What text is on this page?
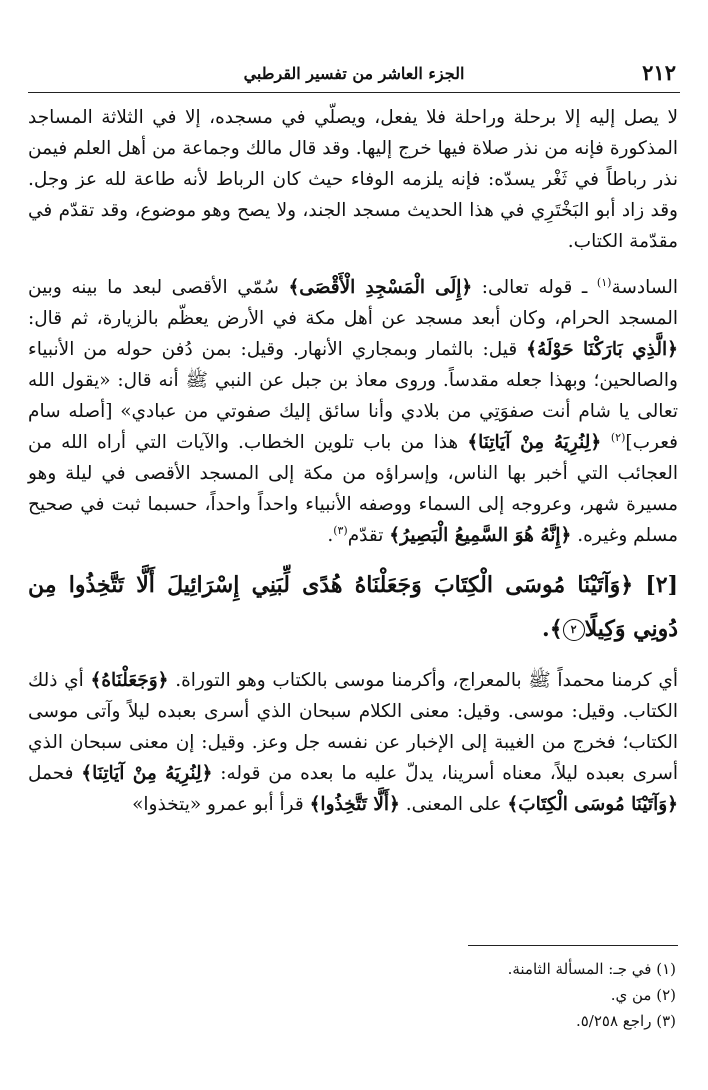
٢١٢
الجزء العاشر من تفسير القرطبي

لا يصل إليه إلا برحلة وراحلة فلا يفعل، ويصلّي في مسجده، إلا في الثلاثة المساجد المذكورة فإنه من نذر صلاة فيها خرج إليها. وقد قال مالك وجماعة من أهل العلم فيمن نذر رباطاً في ثَغْر يسدّه: فإنه يلزمه الوفاء حيث كان الرباط لأنه طاعة لله عز وجل. وقد زاد أبو البَخْتَرِي في هذا الحديث مسجد الجند، ولا يصح وهو موضوع، وقد تقدّم في مقدّمة الكتاب.

السادسة$^{(١)}$ ـ قوله تعالى: ﴿إِلَى الْمَسْجِدِ الْأَقْصَى﴾ سُمّي الأقصى لبعد ما بينه وبين المسجد الحرام، وكان أبعد مسجد عن أهل مكة في الأرض يعظّم بالزيارة، ثم قال: ﴿الَّذِي بَارَكْنَا حَوْلَهُ﴾ قيل: بالثمار وبمجاري الأنهار. وقيل: بمن دُفن حوله من الأنبياء والصالحين؛ وبهذا جعله مقدساً. وروى معاذ بن جبل عن النبي ﷺ أنه قال: «يقول الله تعالى يا شام أنت صفوَتِي من بلادي وأنا سائق إليك صفوتي من عبادي» [أصله سام فعرب]$^{(٢)}$ ﴿لِنُرِيَهُ مِنْ آيَاتِنَا﴾ هذا من باب تلوين الخطاب. والآيات التي أراه الله من العجائب التي أخبر بها الناس، وإسراؤه من مكة إلى المسجد الأقصى في ليلة وهو مسيرة شهر، وعروجه إلى السماء ووصفه الأنبياء واحداً واحداً، حسبما ثبت في صحيح مسلم وغيره. ﴿إِنَّهُ هُوَ السَّمِيعُ الْبَصِيرُ﴾ تقدّم$^{(٣)}$.

[٢] ﴿وَآتَيْنَا مُوسَى الْكِتَابَ وَجَعَلْنَاهُ هُدًى لِّبَنِي إِسْرَائِيلَ أَلَّا تَتَّخِذُوا مِن دُونِي وَكِيلًا٢﴾.

أي كرمنا محمداً ﷺ بالمعراج، وأكرمنا موسى بالكتاب وهو التوراة. ﴿وَجَعَلْنَاهُ﴾ أي ذلك الكتاب. وقيل: موسى. وقيل: معنى الكلام سبحان الذي أسرى بعبده ليلاً وآتى موسى الكتاب؛ فخرج من الغيبة إلى الإخبار عن نفسه جل وعز. وقيل: إن معنى سبحان الذي أسرى بعبده ليلاً، معناه أسرينا، يدلّ عليه ما بعده من قوله: ﴿لِنُرِيَهُ مِنْ آيَاتِنَا﴾ فحمل ﴿وَآتَيْنَا مُوسَى الْكِتَابَ﴾ على المعنى. ﴿أَلَّا تَتَّخِذُوا﴾ قرأ أبو عمرو «يتخذوا»

(١) في جـ: المسألة الثامنة.
(٢) من ي.
(٣) راجع ٥/٢٥٨.
